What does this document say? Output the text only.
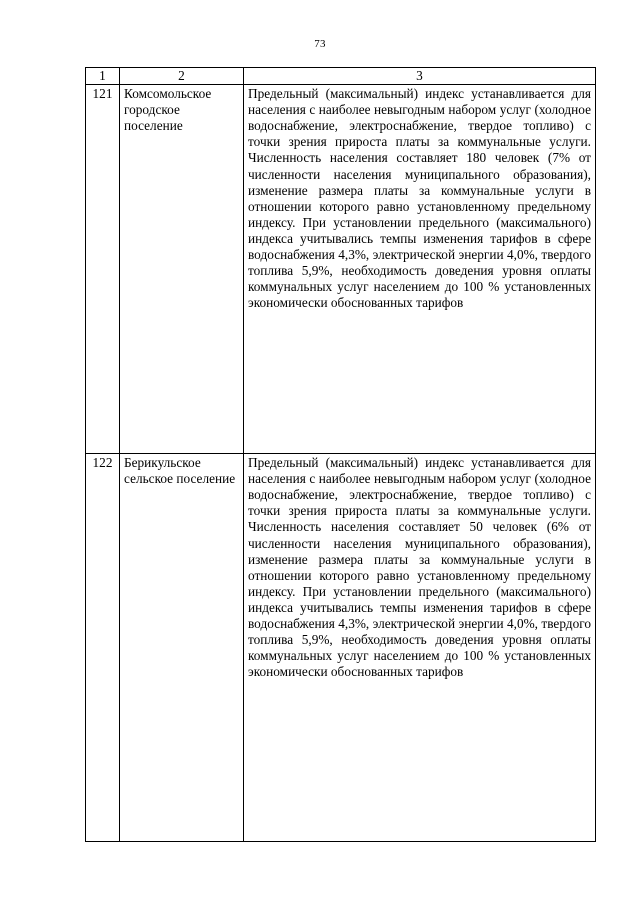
73
1	2	3
121	Комсомольское городское поселение	Предельный (максимальный) индекс устанавливается для населения с наиболее невыгодным набором услуг (холодное водоснабжение, электроснабжение, твердое топливо) с точки зрения прироста платы за коммунальные услуги. Численность населения составляет 180 человек (7% от численности населения муниципального образования), изменение размера платы за коммунальные услуги в отношении которого равно установленному предельному индексу. При установлении предельного (максимального) индекса учитывались темпы изменения тарифов в сфере водоснабжения 4,3%, электрической энергии 4,0%, твердого топлива 5,9%, необходимость доведения уровня оплаты коммунальных услуг населением до 100 % установленных экономически обоснованных тарифов
122	Берикульское сельское поселение	Предельный (максимальный) индекс устанавливается для населения с наиболее невыгодным набором услуг (холодное водоснабжение, электроснабжение, твердое топливо) с точки зрения прироста платы за коммунальные услуги. Численность населения составляет 50 человек (6% от численности населения муниципального образования), изменение размера платы за коммунальные услуги в отношении которого равно установленному предельному индексу. При установлении предельного (максимального) индекса учитывались темпы изменения тарифов в сфере водоснабжения 4,3%, электрической энергии 4,0%, твердого топлива 5,9%, необходимость доведения уровня оплаты коммунальных услуг населением до 100 % установленных экономически обоснованных тарифов
